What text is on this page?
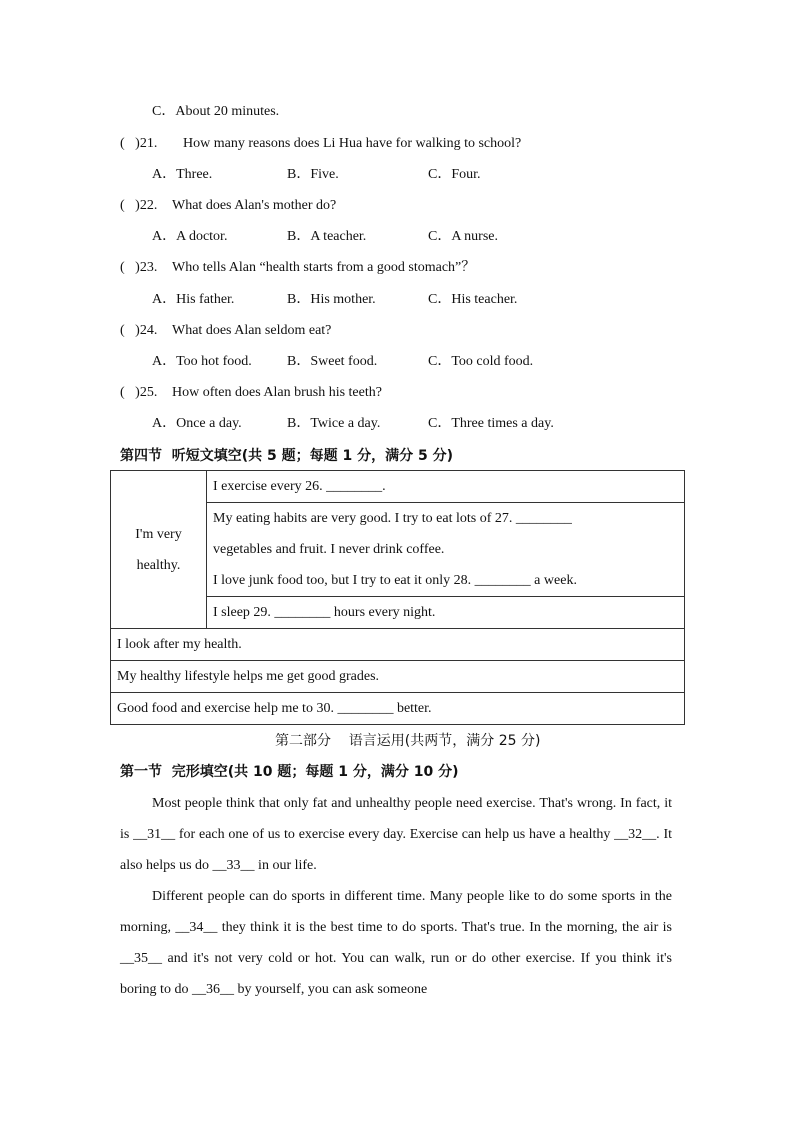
C．About 20 minutes.
(   )21. How many reasons does Li Hua have for walking to school?
A．Three.	B．Five.	C．Four.
(   )22. What does Alan's mother do?
A．A doctor.	B．A teacher.	C．A nurse.
(   )23. Who tells Alan “health starts from a good stomach”？
A．His father.	B．His mother.	C．His teacher.
(   )24. What does Alan seldom eat?
A．Too hot food.	B．Sweet food.	C．Too cold food.
(   )25. How often does Alan brush his teeth?
A．Once a day.	B．Twice a day.	C．Three times a day.
第四节  听短文填空(共 5 题；每题 1 分，满分 5 分)
I'm very healthy.
	I exercise every 26. ________.

My eating habits are very good. I try to eat lots of 27. ________
vegetables and fruit. I never drink coffee.
I love junk food too, but I try to eat it only 28. ________ a week.

I sleep 29. ________ hours every night.
I look after my health.
My healthy lifestyle helps me get good grades.
Good food and exercise help me to 30. ________ better.
第二部分    语言运用(共两节，满分 25 分)
第一节  完形填空(共 10 题；每题 1 分，满分 10 分)
Most people think that only fat and unhealthy people need exercise. That's wrong. In fact, it is __31__ for each one of us to exercise every day. Exercise can help us have a healthy __32__. It also helps us do __33__ in our life.
Different people can do sports in different time. Many people like to do some sports in the morning, __34__ they think it is the best time to do sports. That's true. In the morning, the air is __35__ and it's not very cold or hot. You can walk, run or do other exercise. If you think it's boring to do __36__ by yourself, you can ask someone
